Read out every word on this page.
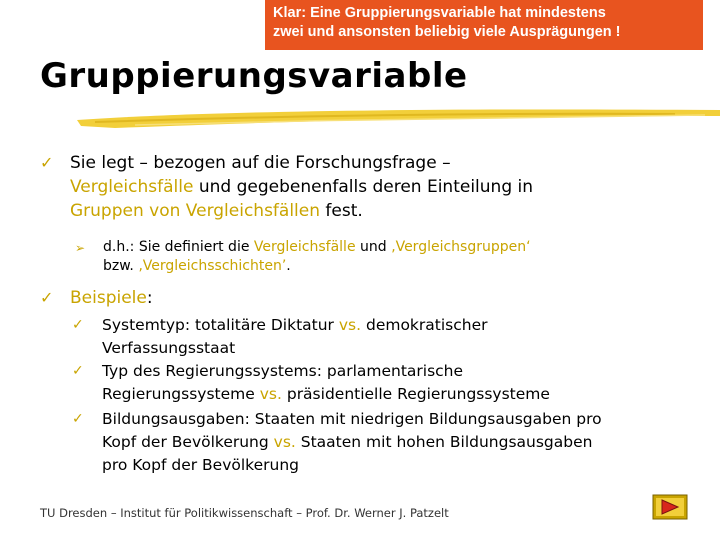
Klar: Eine Gruppierungsvariable hat mindestens
zwei und ansonsten beliebig viele Ausprägungen !
Gruppierungsvariable
✓ Sie legt – bezogen auf die Forschungsfrage –
Vergleichsfälle und gegebenenfalls deren Einteilung in
Gruppen von Vergleichsfällen fest.
➢	d.h.: Sie definiert die Vergleichsfälle und ‚Vergleichsgruppen‘
bzw. ‚Vergleichsschichten’.
✓ Beispiele:
✓	Systemtyp: totalitäre Diktatur vs. demokratischer
Verfassungsstaat
✓	Typ des Regierungssystems: parlamentarische
Regierungssysteme vs. präsidentielle Regierungssysteme
✓	Bildungsausgaben: Staaten mit niedrigen Bildungsausgaben pro
Kopf der Bevölkerung vs. Staaten mit hohen Bildungsausgaben
pro Kopf der Bevölkerung
TU Dresden – Institut für Politikwissenschaft – Prof. Dr. Werner J. Patzelt
